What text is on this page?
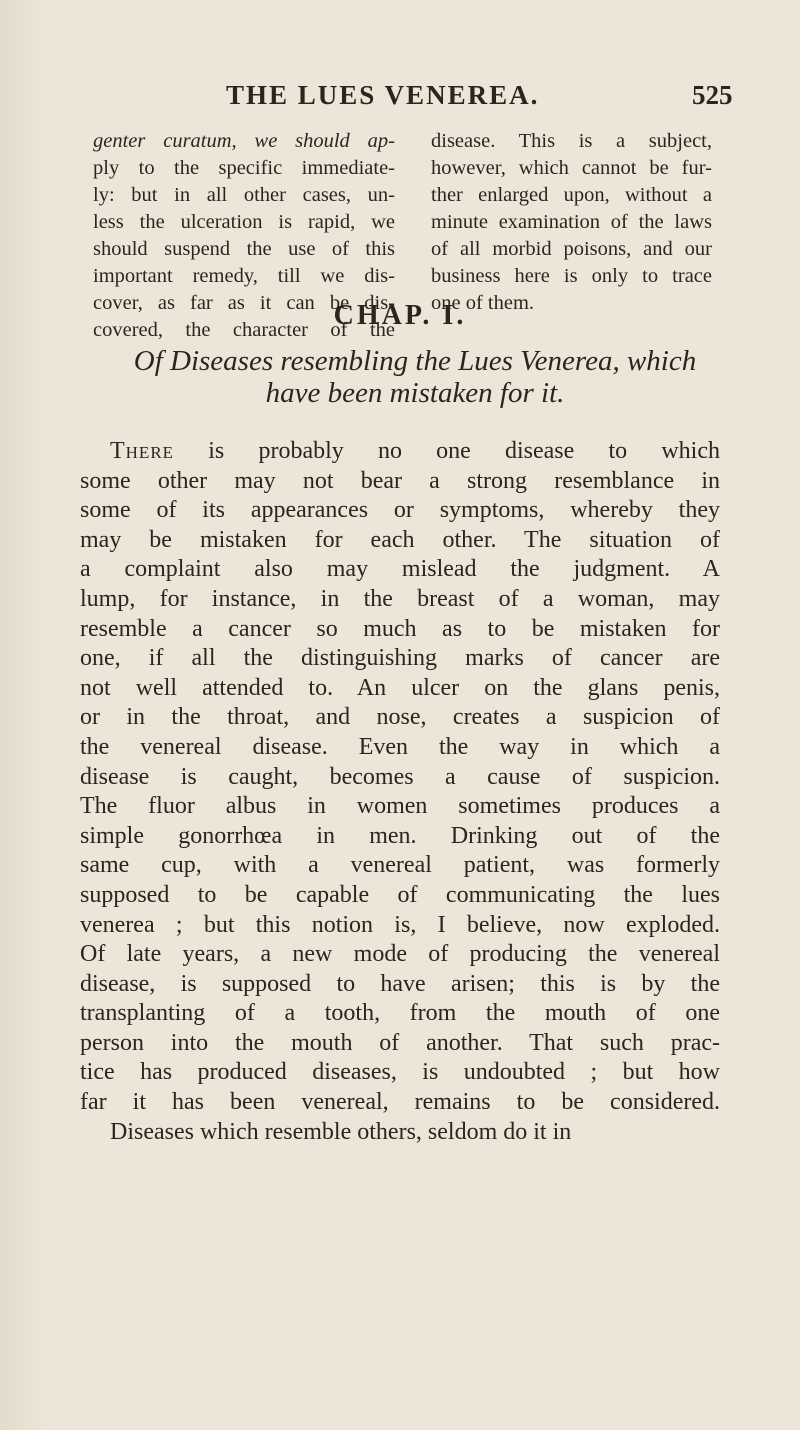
THE LUES VENEREA.	525
genter curatum, we should ap-
ply to the specific immediate-
ly: but in all other cases, un-
less the ulceration is rapid, we
should suspend the use of this
important remedy, till we dis-
cover, as far as it can be dis-
covered, the character of the
disease. This is a subject,
however, which cannot be fur-
ther enlarged upon, without a
minute examination of the laws
of all morbid poisons, and our
business here is only to trace
one of them.
CHAP. I.
Of Diseases resembling the Lues Venerea, which
have been mistaken for it.
There is probably no one disease to which
some other may not bear a strong resemblance in
some of its appearances or symptoms, whereby they
may be mistaken for each other. The situation of
a complaint also may mislead the judgment. A
lump, for instance, in the breast of a woman, may
resemble a cancer so much as to be mistaken for
one, if all the distinguishing marks of cancer are
not well attended to. An ulcer on the glans penis,
or in the throat, and nose, creates a suspicion of
the venereal disease. Even the way in which a
disease is caught, becomes a cause of suspicion.
The fluor albus in women sometimes produces a
simple gonorrhœa in men. Drinking out of the
same cup, with a venereal patient, was formerly
supposed to be capable of communicating the lues
venerea ; but this notion is, I believe, now exploded.
Of late years, a new mode of producing the venereal
disease, is supposed to have arisen; this is by the
transplanting of a tooth, from the mouth of one
person into the mouth of another. That such prac-
tice has produced diseases, is undoubted ; but how
far it has been venereal, remains to be considered.
Diseases which resemble others, seldom do it in
